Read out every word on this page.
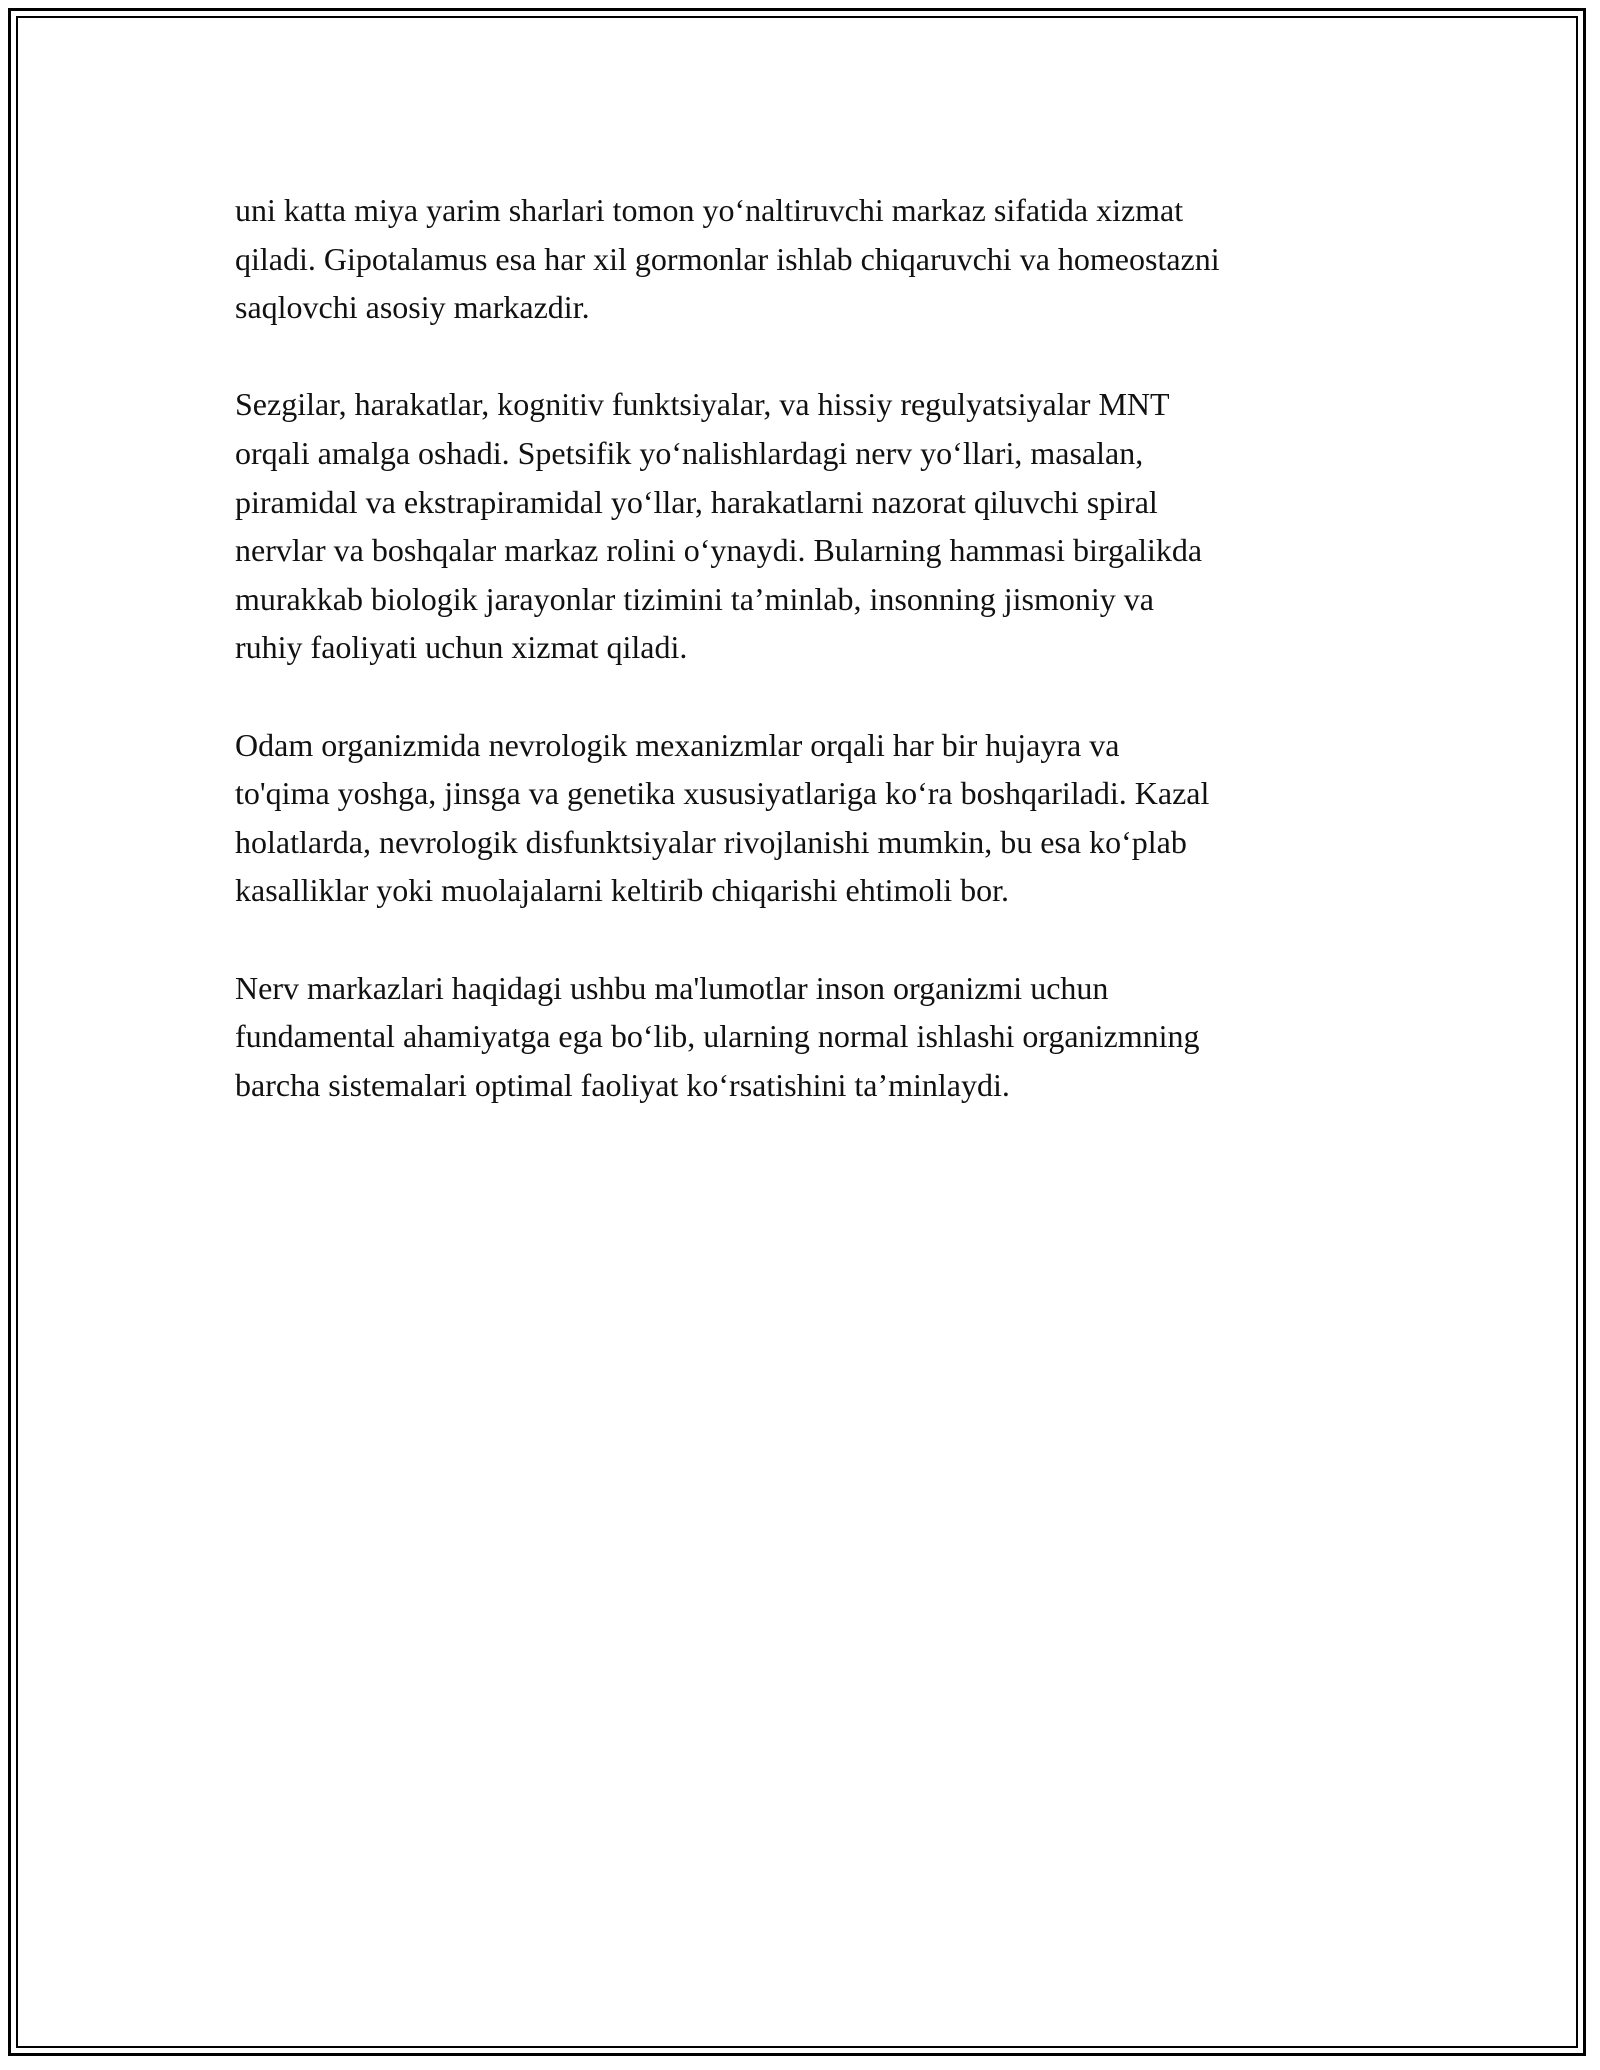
uni katta miya yarim sharlari tomon yo‘naltiruvchi markaz sifatida xizmat
qiladi. Gipotalamus esa har xil gormonlar ishlab chiqaruvchi va homeostazni
saqlovchi asosiy markazdir.

Sezgilar, harakatlar, kognitiv funktsiyalar, va hissiy regulyatsiyalar MNT
orqali amalga oshadi. Spetsifik yo‘nalishlardagi nerv yo‘llari, masalan,
piramidal va ekstrapiramidal yo‘llar, harakatlarni nazorat qiluvchi spiral
nervlar va boshqalar markaz rolini o‘ynaydi. Bularning hammasi birgalikda
murakkab biologik jarayonlar tizimini ta’minlab, insonning jismoniy va
ruhiy faoliyati uchun xizmat qiladi.

Odam organizmida nevrologik mexanizmlar orqali har bir hujayra va
to'qima yoshga, jinsga va genetika xususiyatlariga ko‘ra boshqariladi. Kazal
holatlarda, nevrologik disfunktsiyalar rivojlanishi mumkin, bu esa ko‘plab
kasalliklar yoki muolajalarni keltirib chiqarishi ehtimoli bor.

Nerv markazlari haqidagi ushbu ma'lumotlar inson organizmi uchun
fundamental ahamiyatga ega bo‘lib, ularning normal ishlashi organizmning
barcha sistemalari optimal faoliyat ko‘rsatishini ta’minlaydi.
